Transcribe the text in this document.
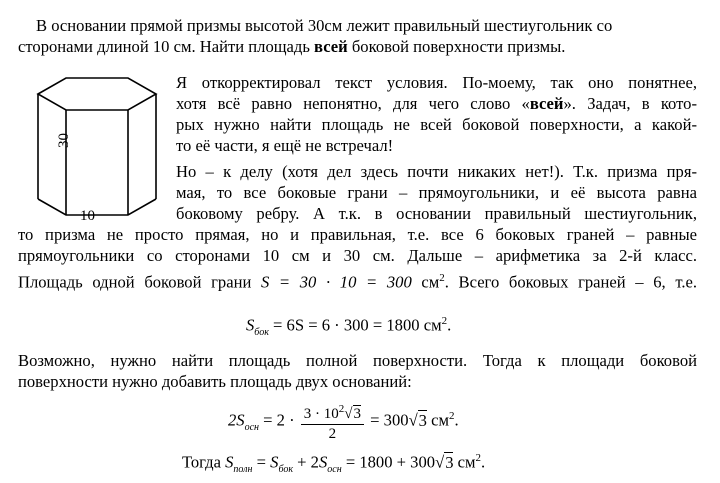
В основании прямой призмы высотой 30см лежит правильный шестиугольник со
сторонами длиной 10 см. Найти площадь всей боковой поверхности призмы.
30
10
Я откорректировал текст условия. По-моему, так оно понятнее,
хотя всё равно непонятно, для чего слово «всей». Задач, в кото-
рых нужно найти площадь не всей боковой поверхности, а какой-
то её части, я ещё не встречал!
Но – к делу (хотя дел здесь почти никаких нет!). Т.к. призма пря-
мая, то все боковые грани – прямоугольники, и её высота равна
боковому ребру. А т.к. в основании правильный шестиугольник,
то призма не просто прямая, но и правильная, т.е. все 6 боковых граней – равные
прямоугольники со сторонами 10 см и 30 см. Дальше – арифметика за 2-й класс.
Площадь одной боковой грани S = 30 · 10 = 300 $см^2$. Всего боковых граней – 6, т.е.
$S_{бок} = 6S = 6 \cdot 300 = 1800$ $см^2$.
Возможно, нужно найти площадь полной поверхности. Тогда к площади боковой
поверхности нужно добавить площадь двух оснований:
$2S_{осн} = 2 \cdot \frac{3 \cdot 10^2√3}{2} = 300√3$ $см^2$.
Тогда $S_{полн} = S_{бок} + 2S_{осн} = 1800 + 300√3$ $см^2$.
